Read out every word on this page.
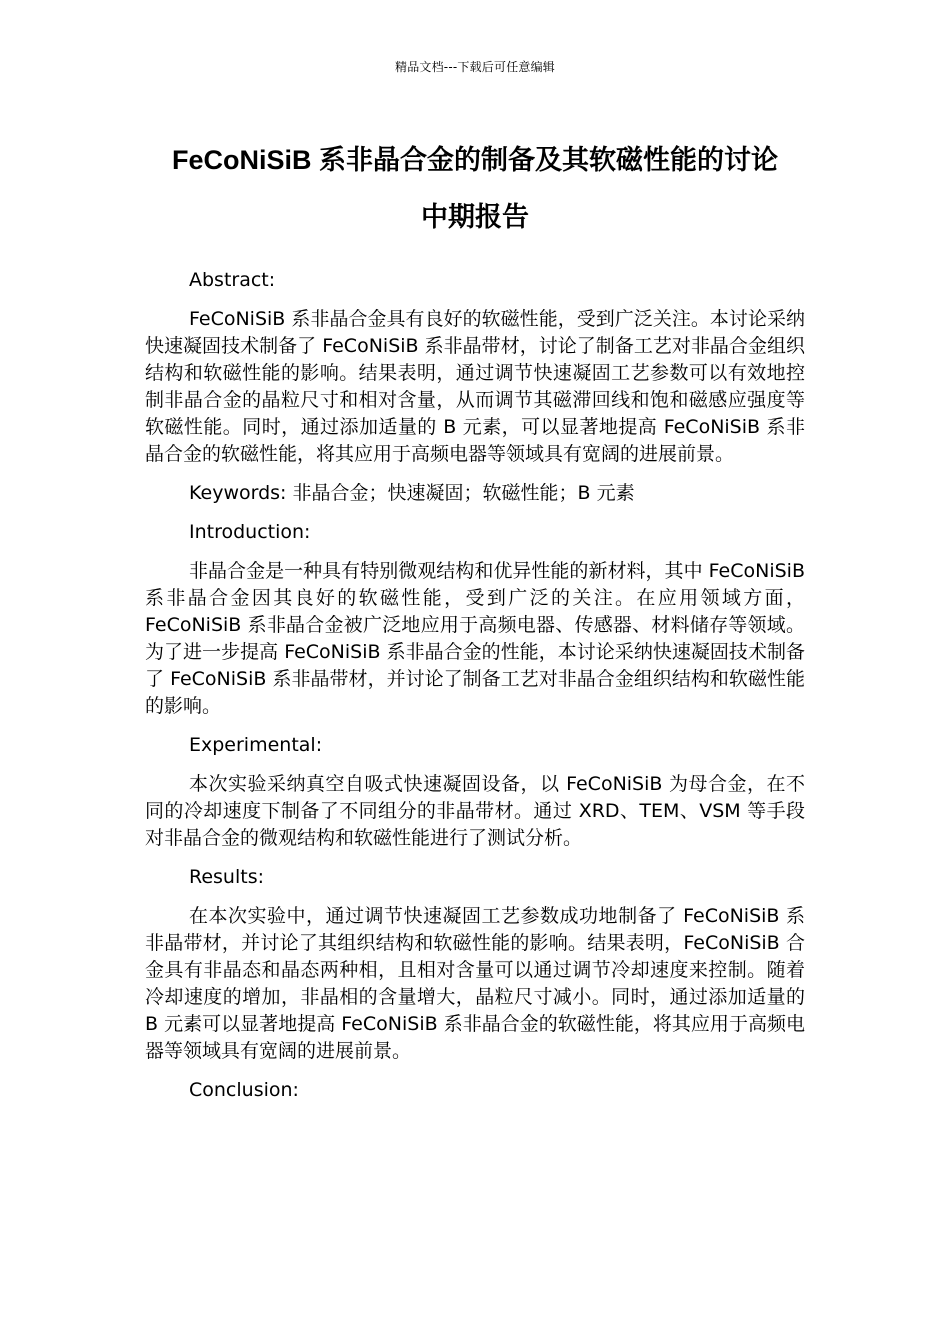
精品文档---下载后可任意编辑
FeCoNiSiB 系非晶合金的制备及其软磁性能的讨论
中期报告

Abstract:

FeCoNiSiB 系非晶合金具有良好的软磁性能，受到广泛关注。本讨论采纳快速凝固技术制备了 FeCoNiSiB 系非晶带材，讨论了制备工艺对非晶合金组织结构和软磁性能的影响。结果表明，通过调节快速凝固工艺参数可以有效地控制非晶合金的晶粒尺寸和相对含量，从而调节其磁滞回线和饱和磁感应强度等软磁性能。同时，通过添加适量的 B 元素，可以显著地提高 FeCoNiSiB 系非晶合金的软磁性能，将其应用于高频电器等领域具有宽阔的进展前景。

Keywords: 非晶合金；快速凝固；软磁性能；B 元素

Introduction:

非晶合金是一种具有特别微观结构和优异性能的新材料，其中 FeCoNiSiB 系非晶合金因其良好的软磁性能，受到广泛的关注。在应用领域方面，FeCoNiSiB 系非晶合金被广泛地应用于高频电器、传感器、材料储存等领域。为了进一步提高 FeCoNiSiB 系非晶合金的性能，本讨论采纳快速凝固技术制备了 FeCoNiSiB 系非晶带材，并讨论了制备工艺对非晶合金组织结构和软磁性能的影响。

Experimental:

本次实验采纳真空自吸式快速凝固设备，以 FeCoNiSiB 为母合金，在不同的冷却速度下制备了不同组分的非晶带材。通过 XRD、TEM、VSM 等手段对非晶合金的微观结构和软磁性能进行了测试分析。

Results:

在本次实验中，通过调节快速凝固工艺参数成功地制备了 FeCoNiSiB 系非晶带材，并讨论了其组织结构和软磁性能的影响。结果表明，FeCoNiSiB 合金具有非晶态和晶态两种相，且相对含量可以通过调节冷却速度来控制。随着冷却速度的增加，非晶相的含量增大，晶粒尺寸减小。同时，通过添加适量的 B 元素可以显著地提高 FeCoNiSiB 系非晶合金的软磁性能，将其应用于高频电器等领域具有宽阔的进展前景。

Conclusion:
